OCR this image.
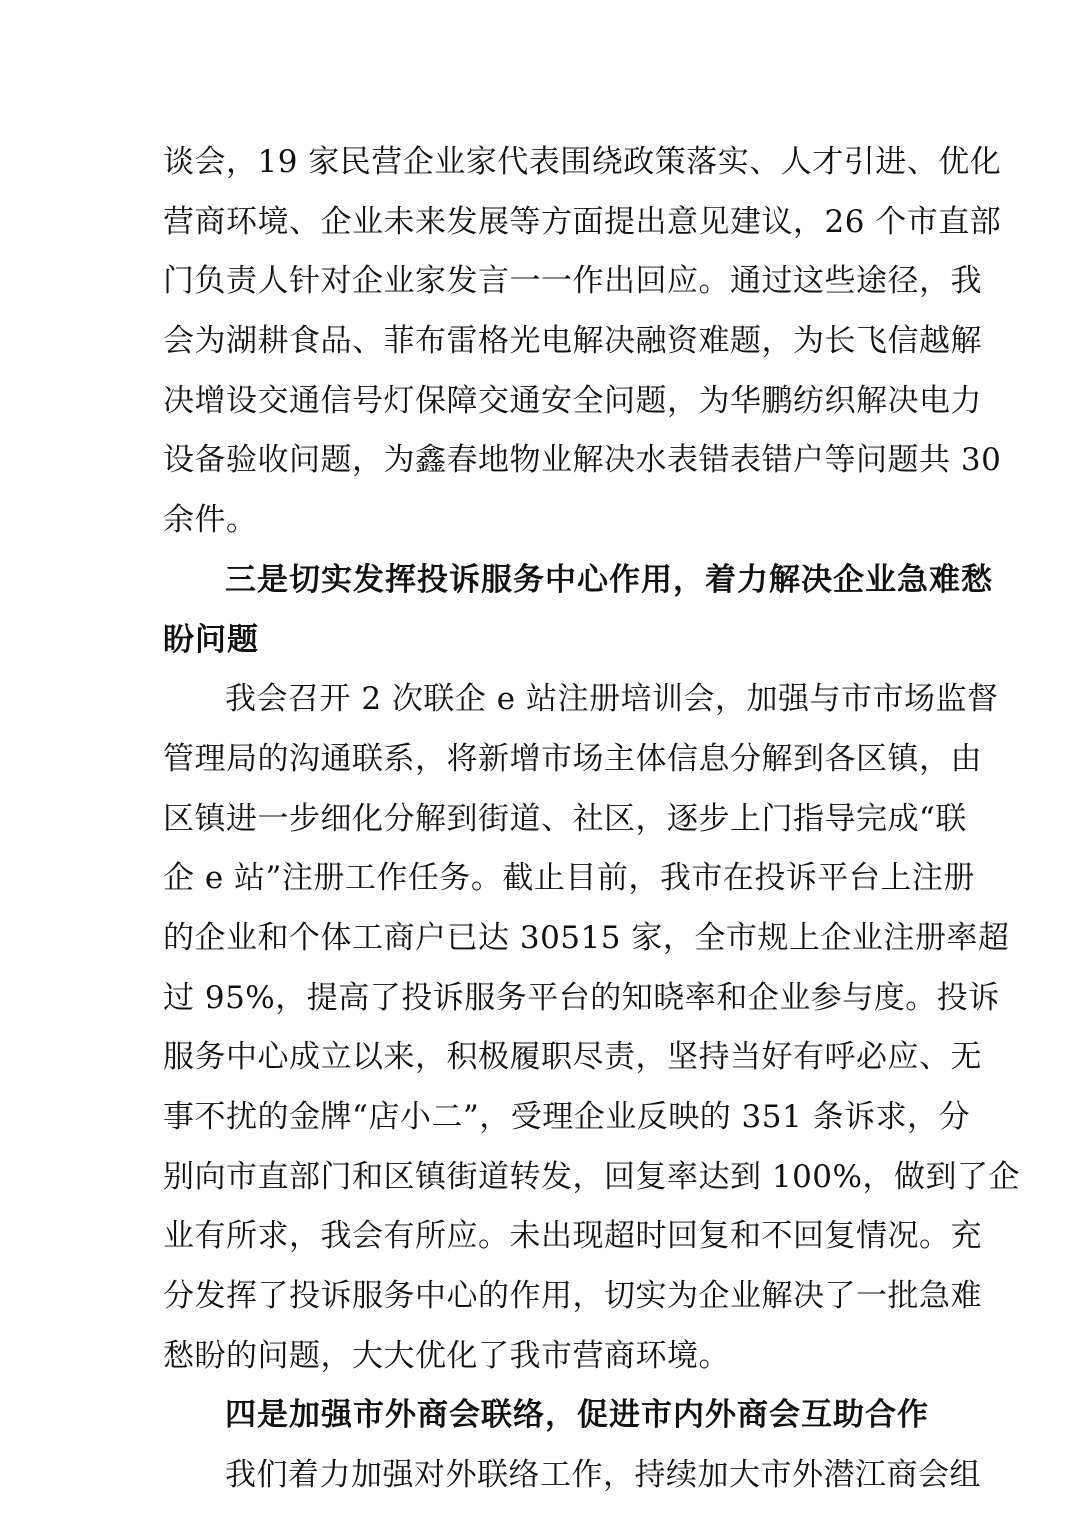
谈会，19 家民营企业家代表围绕政策落实、人才引进、优化
营商环境、企业未来发展等方面提出意见建议，26 个市直部
门负责人针对企业家发言一一作出回应。通过这些途径，我
会为湖耕食品、菲布雷格光电解决融资难题，为长飞信越解
决增设交通信号灯保障交通安全问题，为华鹏纺织解决电力
设备验收问题，为鑫春地物业解决水表错表错户等问题共 30
余件。
三是切实发挥投诉服务中心作用，着力解决企业急难愁
盼问题
我会召开 2 次联企 e 站注册培训会，加强与市市场监督
管理局的沟通联系，将新增市场主体信息分解到各区镇，由
区镇进一步细化分解到街道、社区，逐步上门指导完成“联
企 e 站”注册工作任务。截止目前，我市在投诉平台上注册
的企业和个体工商户已达 30515 家，全市规上企业注册率超
过 95%，提高了投诉服务平台的知晓率和企业参与度。投诉
服务中心成立以来，积极履职尽责，坚持当好有呼必应、无
事不扰的金牌“店小二”，受理企业反映的 351 条诉求，分
别向市直部门和区镇街道转发，回复率达到 100%，做到了企
业有所求，我会有所应。未出现超时回复和不回复情况。充
分发挥了投诉服务中心的作用，切实为企业解决了一批急难
愁盼的问题，大大优化了我市营商环境。
四是加强市外商会联络，促进市内外商会互助合作
我们着力加强对外联络工作，持续加大市外潜江商会组
